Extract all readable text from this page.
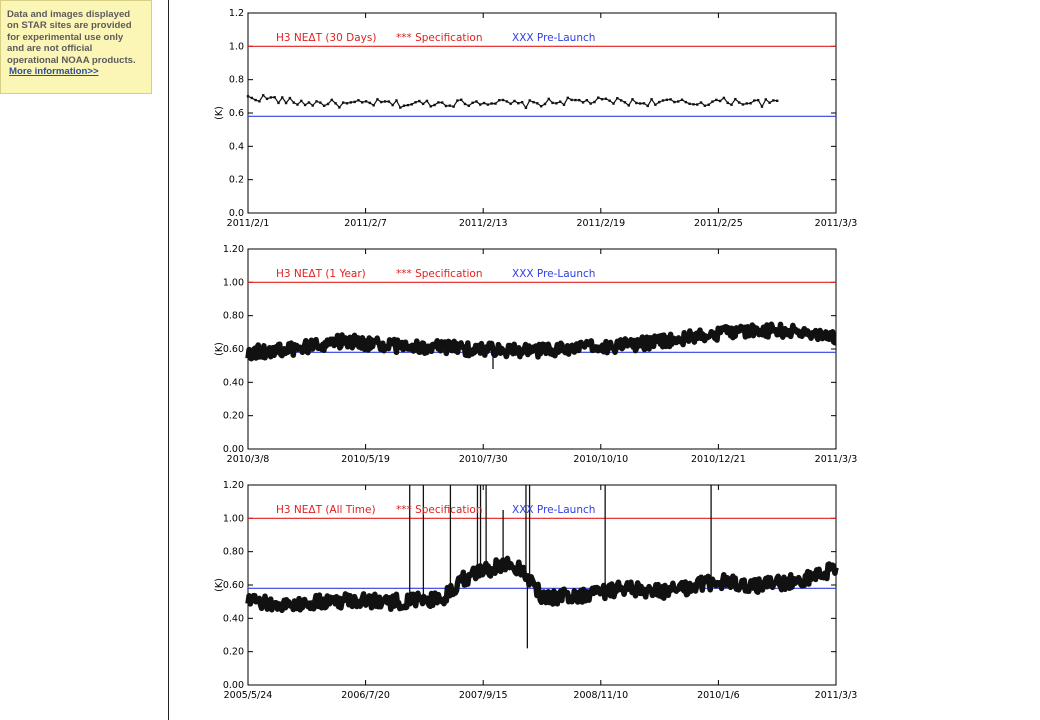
Data and images displayed

on STAR sites are provided

for experimental use only

and are not official

operational NOAA products.

More information>>
0.0
0.2
0.4
0.6
0.8
1.0
1.2
(K)
2011/2/1	2011/2/7	2011/2/13	2011/2/19	2011/2/25	2011/3/3
H3 NEΔT (30 Days) *** Specification	XXX Pre-Launch
0.00
0.20
0.40
0.60
0.80
1.00
1.20
(K)
2010/3/8	2010/5/19	2010/7/30	2010/10/10	2010/12/21	2011/3/3
H3 NEΔT (1 Year)	*** Specification	XXX Pre-Launch
0.00
0.20
0.40
0.60
0.80
1.00
1.20
(K)
2005/5/24	2006/7/20	2007/9/15	2008/11/10	2010/1/6	2011/3/3
H3 NEΔT (All Time) *** Specification	XXX Pre-Launch
